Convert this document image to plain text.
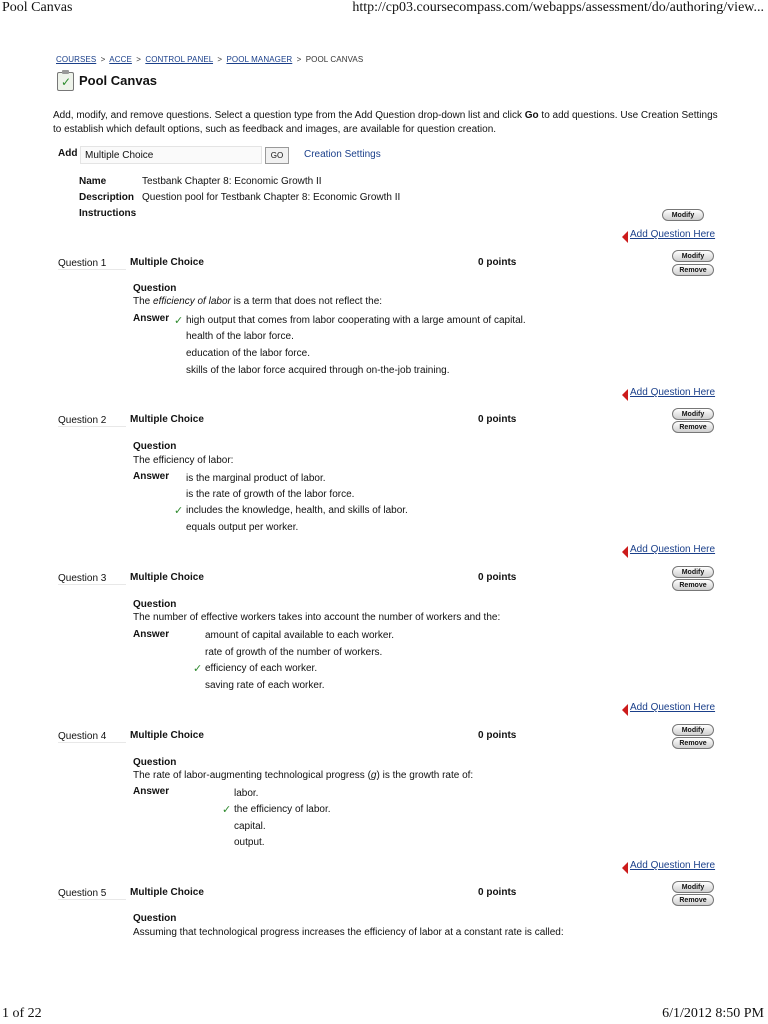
Pool Canvas	http://cp03.coursecompass.com/webapps/assessment/do/authoring/view...
1 of 22	6/1/2012 8:50 PM
COURSES > ACCE > CONTROL PANEL > POOL MANAGER > POOL CANVAS
✓ Pool Canvas
Add, modify, and remove questions. Select a question type from the Add Question drop-down list and click Go to add questions. Use Creation Settings to establish which default options, such as feedback and images, are available for question creation.
Add Multiple Choice	GO	Creation Settings
Name	Testbank Chapter 8: Economic Growth II
Description Question pool for Testbank Chapter 8: Economic Growth II
Instructions	Modify
Add Question Here
Question 1	Multiple Choice	0 points
Modify
Remove
Question
The efficiency of labor is a term that does not reflect the:
Answer ✓ high output that comes from labor cooperating with a large amount of capital.
health of the labor force.
education of the labor force.
skills of the labor force acquired through on-the-job training.
Add Question Here
Question 2	Multiple Choice	0 points	Modify
Remove
Question
The efficiency of labor:
Answer is the marginal product of labor.
is the rate of growth of the labor force.
✓ includes the knowledge, health, and skills of labor.
equals output per worker.
Add Question Here
Question 3	Multiple Choice	0 points	Modify
Remove
Question
The number of effective workers takes into account the number of workers and the:
Answer	amount of capital available to each worker.
rate of growth of the number of workers.
✓ efficiency of each worker.
saving rate of each worker.
Add Question Here
Question 4	Multiple Choice	0 points	Modify
Remove
Question
The rate of labor-augmenting technological progress (g) is the growth rate of:
Answer	labor.
✓ the efficiency of labor.
capital.
output.
Add Question Here
Question 5	Multiple Choice	0 points	Modify
Remove
Question
Assuming that technological progress increases the efficiency of labor at a constant rate is called:
